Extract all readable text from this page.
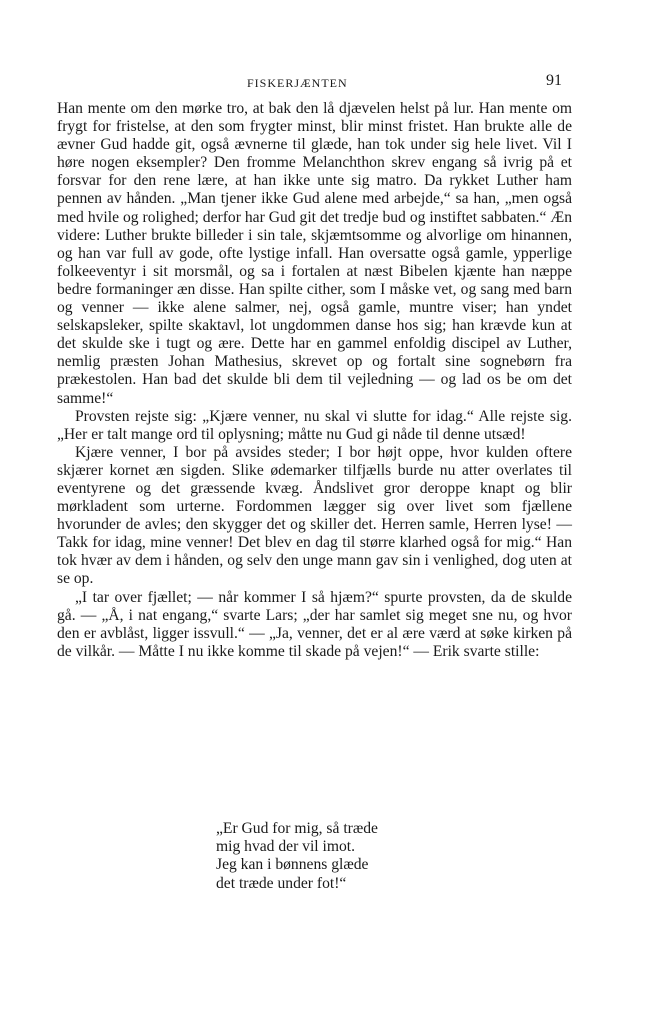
FISKERJÆNTEN	91

Han mente om den mørke tro, at bak den lå djævelen helst på lur. Han mente om frygt for fristelse, at den som frygter minst, blir minst fristet. Han brukte alle de ævner Gud hadde git, også ævnerne til glæde, han tok under sig hele livet. Vil I høre nogen eksempler? Den fromme Melanchthon skrev engang så ivrig på et forsvar for den rene lære, at han ikke unte sig matro. Da rykket Luther ham pennen av hånden. „Man tjener ikke Gud alene med arbejde,“ sa han, „men også med hvile og rolighed; derfor har Gud git det tredje bud og instiftet sabbaten.“ Æn videre: Luther brukte billeder i sin tale, skjæmtsomme og alvorlige om hinannen, og han var full av gode, ofte lystige infall. Han oversatte også gamle, ypperlige folkeeventyr i sit morsmål, og sa i fortalen at næst Bibelen kjænte han næppe bedre formaninger æn disse. Han spilte cither, som I måske vet, og sang med barn og venner — ikke alene salmer, nej, også gamle, muntre viser; han yndet selskapsleker, spilte skaktavl, lot ungdommen danse hos sig; han krævde kun at det skulde ske i tugt og ære. Dette har en gammel enfoldig discipel av Luther, nemlig præsten Johan Mathesius, skrevet op og fortalt sine sognebørn fra prækestolen. Han bad det skulde bli dem til vejledning — og lad os be om det samme!“

Provsten rejste sig: „Kjære venner, nu skal vi slutte for idag.“ Alle rejste sig. „Her er talt mange ord til oplysning; måtte nu Gud gi nåde til denne utsæd!

Kjære venner, I bor på avsides steder; I bor højt oppe, hvor kulden oftere skjærer kornet æn sigden. Slike ødemarker tilfjælls burde nu atter overlates til eventyrene og det græssende kvæg. Åndslivet gror deroppe knapt og blir mørkladent som urterne. Fordommen lægger sig over livet som fjællene hvorunder de avles; den skygger det og skiller det. Herren samle, Herren lyse! — Takk for idag, mine venner! Det blev en dag til større klarhed også for mig.“ Han tok hvær av dem i hånden, og selv den unge mann gav sin i venlighed, dog uten at se op.

„I tar over fjællet; — når kommer I så hjæm?“ spurte provsten, da de skulde gå. — „Å, i nat engang,“ svarte Lars; „der har samlet sig meget sne nu, og hvor den er avblåst, ligger issvull.“ — „Ja, venner, det er al ære værd at søke kirken på de vilkår. — Måtte I nu ikke komme til skade på vejen!“ — Erik svarte stille:

„Er Gud for mig, så træde
mig hvad der vil imot.
Jeg kan i bønnens glæde
det træde under fot!“
